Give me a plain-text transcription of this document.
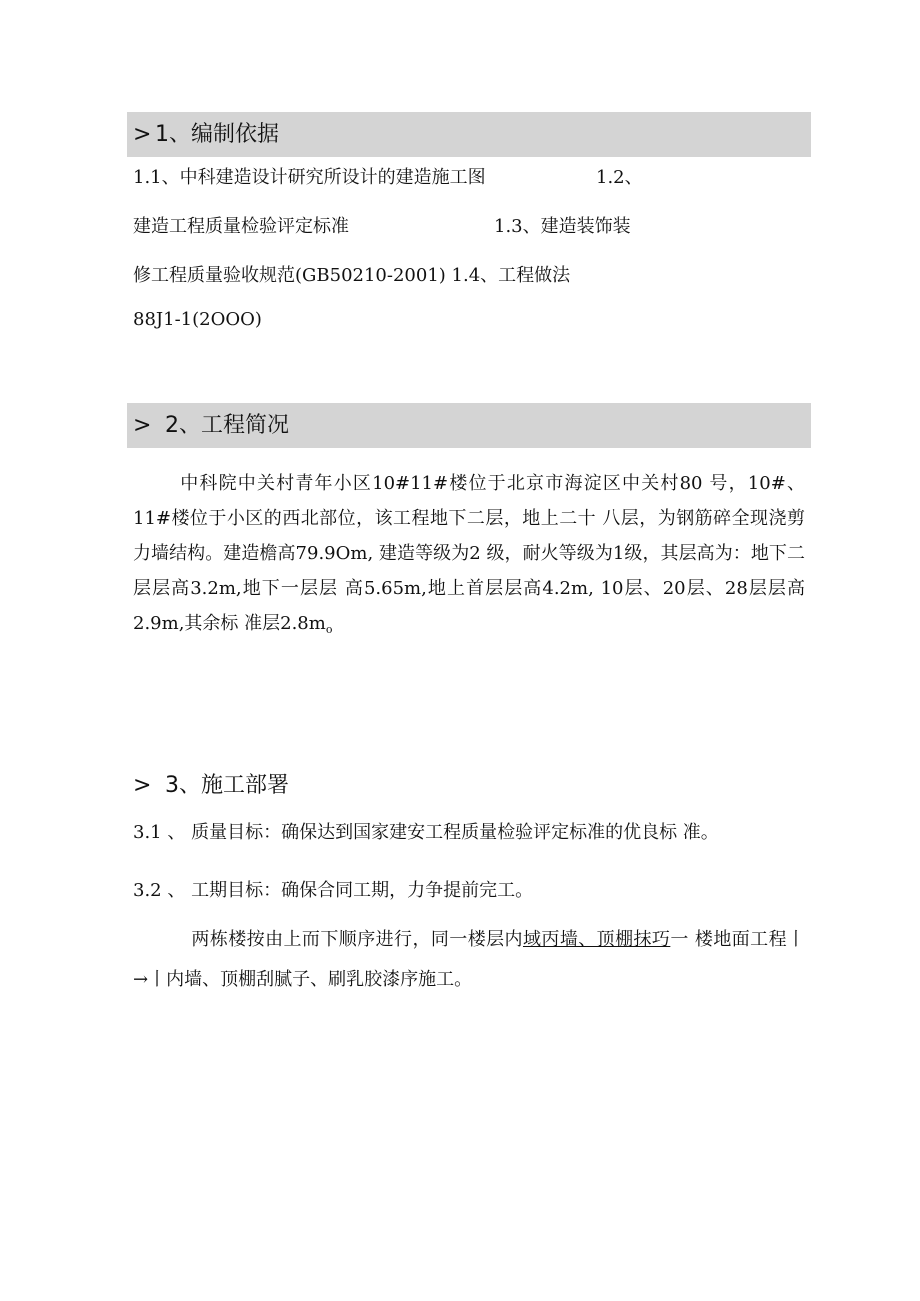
> 1、编制依据
1.1、中科建造设计研究所设计的建造施工图	1.2、
建造工程质量检验评定标准	1.3、建造装饰装
修工程质量验收规范(GB50210-2001) 1.4、工程做法
88J1-1(2OOO)
> 2、工程简况

中科院中关村青年小区10#11#楼位于北京市海淀区中关村80 号，10#、11#楼位于小区的西北部位，该工程地下二层，地上二十 八层，为钢筋碎全现浇剪力墙结构。建造檐高79.9Om, 建造等级为2 级，耐火等级为1级，其层高为：地下二层层高3.2m,地下一层层 高5.65m,地上首层层高4.2m, 10层、20层、28层层高2.9m,其余标 准层$2.8m_o$

> 3、施工部署
3.1 、 质量目标：确保达到国家建安工程质量检验评定标准的优良标 准。
3.2 、 工期目标：确保合同工期，力争提前完工。

两栋楼按由上而下顺序进行，同一楼层内域丙墙、顶棚抹巧一 楼地面工程丨→丨内墙、顶棚刮腻子、刷乳胶漆序施工。
